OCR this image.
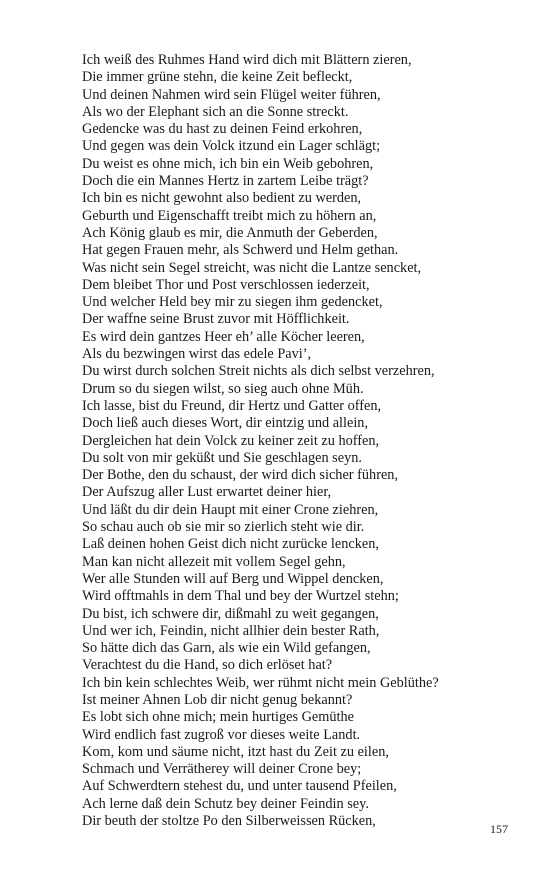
Ich weiß des Ruhmes Hand wird dich mit Blättern zieren,
Die immer grüne stehn, die keine Zeit befleckt,
Und deinen Nahmen wird sein Flügel weiter führen,
Als wo der Elephant sich an die Sonne streckt.
Gedencke was du hast zu deinen Feind erkohren,
Und gegen was dein Volck itzund ein Lager schlägt;
Du weist es ohne mich, ich bin ein Weib gebohren,
Doch die ein Mannes Hertz in zartem Leibe trägt?
Ich bin es nicht gewohnt also bedient zu werden,
Geburth und Eigenschafft treibt mich zu höhern an,
Ach König glaub es mir, die Anmuth der Geberden,
Hat gegen Frauen mehr, als Schwerd und Helm gethan.
Was nicht sein Segel streicht, was nicht die Lantze sencket,
Dem bleibet Thor und Post verschlossen iederzeit,
Und welcher Held bey mir zu siegen ihm gedencket,
Der waffne seine Brust zuvor mit Höfflichkeit.
Es wird dein gantzes Heer eh’ alle Köcher leeren,
Als du bezwingen wirst das edele Pavi’,
Du wirst durch solchen Streit nichts als dich selbst verzehren,
Drum so du siegen wilst, so sieg auch ohne Müh.
Ich lasse, bist du Freund, dir Hertz und Gatter offen,
Doch ließ auch dieses Wort, dir eintzig und allein,
Dergleichen hat dein Volck zu keiner zeit zu hoffen,
Du solt von mir geküßt und Sie geschlagen seyn.
Der Bothe, den du schaust, der wird dich sicher führen,
Der Aufszug aller Lust erwartet deiner hier,
Und läßt du dir dein Haupt mit einer Crone ziehren,
So schau auch ob sie mir so zierlich steht wie dir.
Laß deinen hohen Geist dich nicht zurücke lencken,
Man kan nicht allezeit mit vollem Segel gehn,
Wer alle Stunden will auf Berg und Wippel dencken,
Wird offtmahls in dem Thal und bey der Wurtzel stehn;
Du bist, ich schwere dir, dißmahl zu weit gegangen,
Und wer ich, Feindin, nicht allhier dein bester Rath,
So hätte dich das Garn, als wie ein Wild gefangen,
Verachtest du die Hand, so dich erlöset hat?
Ich bin kein schlechtes Weib, wer rühmt nicht mein Geblüthe?
Ist meiner Ahnen Lob dir nicht genug bekannt?
Es lobt sich ohne mich; mein hurtiges Gemüthe
Wird endlich fast zugroß vor dieses weite Landt.
Kom, kom und säume nicht, itzt hast du Zeit zu eilen,
Schmach und Verrätherey will deiner Crone bey;
Auf Schwerdtern stehest du, und unter tausend Pfeilen,
Ach lerne daß dein Schutz bey deiner Feindin sey.
Dir beuth der stoltze Po den Silberweissen Rücken,	157
